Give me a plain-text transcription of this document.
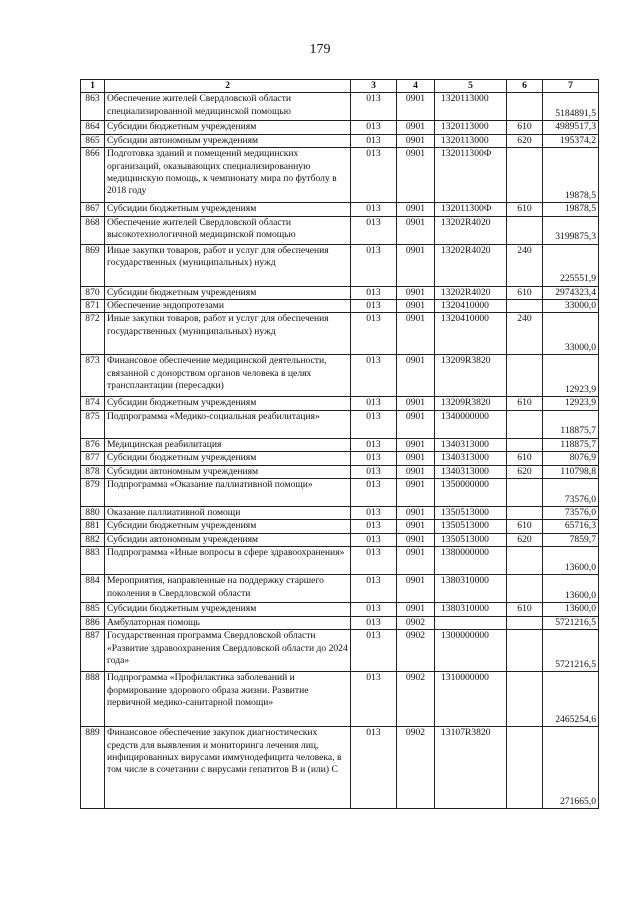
179
1	2	3	4	5	6	7
863	Обеспечение жителей Свердловской области специализированной медицинской помощью	013	0901	1320113000		5184891,5
864	Субсидии бюджетным учреждениям	013	0901	1320113000	610	4989517,3
865	Субсидии автономным учреждениям	013	0901	1320113000	620	195374,2
866	Подготовка зданий и помещений медицинских организаций, оказывающих специализированную медицинскую помощь, к чемпионату мира по футболу в 2018 году	013	0901	132011300Ф		19878,5
867	Субсидии бюджетным учреждениям	013	0901	132011300Ф	610	19878,5
868	Обеспечение жителей Свердловской области высокотехнологичной медицинской помощью	013	0901	13202R4020		3199875,3
869	Иные закупки товаров, работ и услуг для обеспечения государственных (муниципальных) нужд	013	0901	13202R4020	240	225551,9
870	Субсидии бюджетным учреждениям	013	0901	13202R4020	610	2974323,4
871	Обеспечение эндопротезами	013	0901	1320410000		33000,0
872	Иные закупки товаров, работ и услуг для обеспечения государственных (муниципальных) нужд	013	0901	1320410000	240	33000,0
873	Финансовое обеспечение медицинской деятельности, связанной с донорством органов человека в целях трансплантации (пересадки)	013	0901	13209R3820		12923,9
874	Субсидии бюджетным учреждениям	013	0901	13209R3820	610	12923,9
875	Подпрограмма «Медико-социальная реабилитация»	013	0901	1340000000		118875,7
876	Медицинская реабилитация	013	0901	1340313000		118875,7
877	Субсидии бюджетным учреждениям	013	0901	1340313000	610	8076,9
878	Субсидии автономным учреждениям	013	0901	1340313000	620	110798,8
879	Подпрограмма «Оказание паллиативной помощи»	013	0901	1350000000		73576,0
880	Оказание паллиативной помощи	013	0901	1350513000		73576,0
881	Субсидии бюджетным учреждениям	013	0901	1350513000	610	65716,3
882	Субсидии автономным учреждениям	013	0901	1350513000	620	7859,7
883	Подпрограмма «Иные вопросы в сфере здравоохранения»	013	0901	1380000000		13600,0
884	Мероприятия, направленные на поддержку старшего поколения в Свердловской области	013	0901	1380310000		13600,0
885	Субсидии бюджетным учреждениям	013	0901	1380310000	610	13600,0
886	Амбулаторная помощь	013	0902			5721216,5
887	Государственная программа Свердловской области «Развитие здравоохранения Свердловской области до 2024 года»	013	0902	1300000000		5721216,5
888	Подпрограмма «Профилактика заболеваний и формирование здорового образа жизни. Развитие первичной медико-санитарной помощи»	013	0902	1310000000		2465254,6
889	Финансовое обеспечение закупок диагностических средств для выявления и мониторинга лечения лиц, инфицированных вирусами иммунодефицита человека, в том числе в сочетании с вирусами гепатитов В и (или) С	013	0902	13107R3820		271665,0
